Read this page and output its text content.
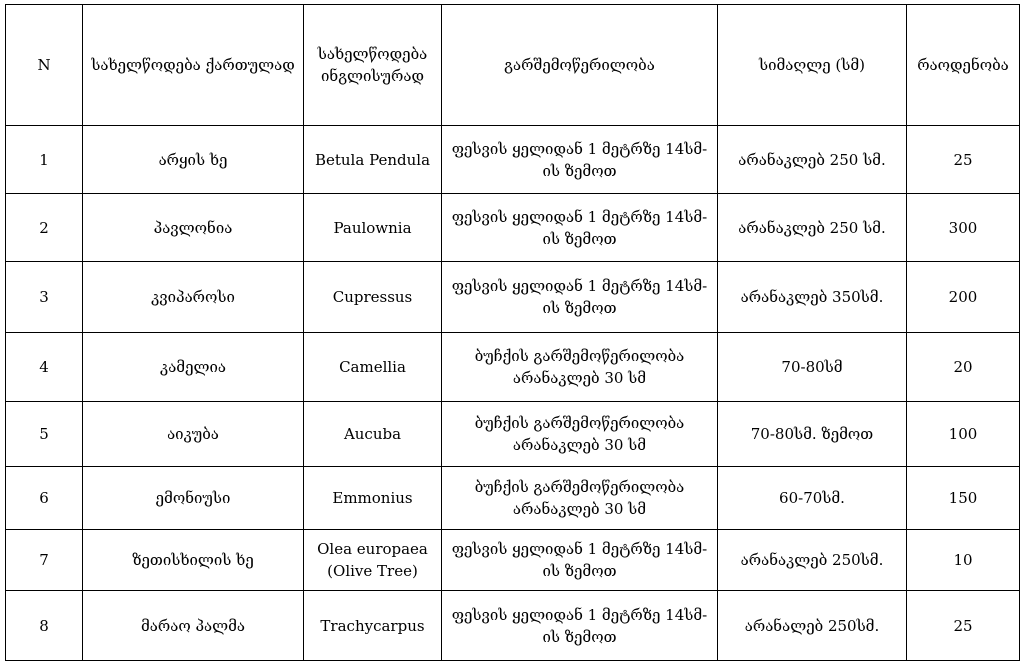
N	სახელწოდება ქართულად	სახელწოდება ინგლისურად	გარშემოწერილობა	სიმაღლე (სმ)	რაოდენობა
1	არყის ხე	Betula Pendula	ფესვის ყელიდან 1 მეტრზე 14სმ-ის ზემოთ	არანაკლებ 250 სმ.	25
2	პავლონია	Paulownia	ფესვის ყელიდან 1 მეტრზე 14სმ-ის ზემოთ	არანაკლებ 250 სმ.	300
3	კვიპაროსი	Cupressus	ფესვის ყელიდან 1 მეტრზე 14სმ-ის ზემოთ	არანაკლებ 350სმ.	200
4	კამელია	Camellia	ბუჩქის გარშემოწერილობა არანაკლებ 30 სმ	70-80სმ	20
5	აიკუბა	Aucuba	ბუჩქის გარშემოწერილობა არანაკლებ 30 სმ	70-80სმ. ზემოთ	100
6	ემონიუსი	Emmonius	ბუჩქის გარშემოწერილობა არანაკლებ 30 სმ	60-70სმ.	150
7	ზეთისხილის ხე	Olea europaea (Olive Tree)	ფესვის ყელიდან 1 მეტრზე 14სმ-ის ზემოთ	არანაკლებ 250სმ.	10
8	მარაო პალმა	Trachycarpus	ფესვის ყელიდან 1 მეტრზე 14სმ-ის ზემოთ	არანალებ 250სმ.	25
